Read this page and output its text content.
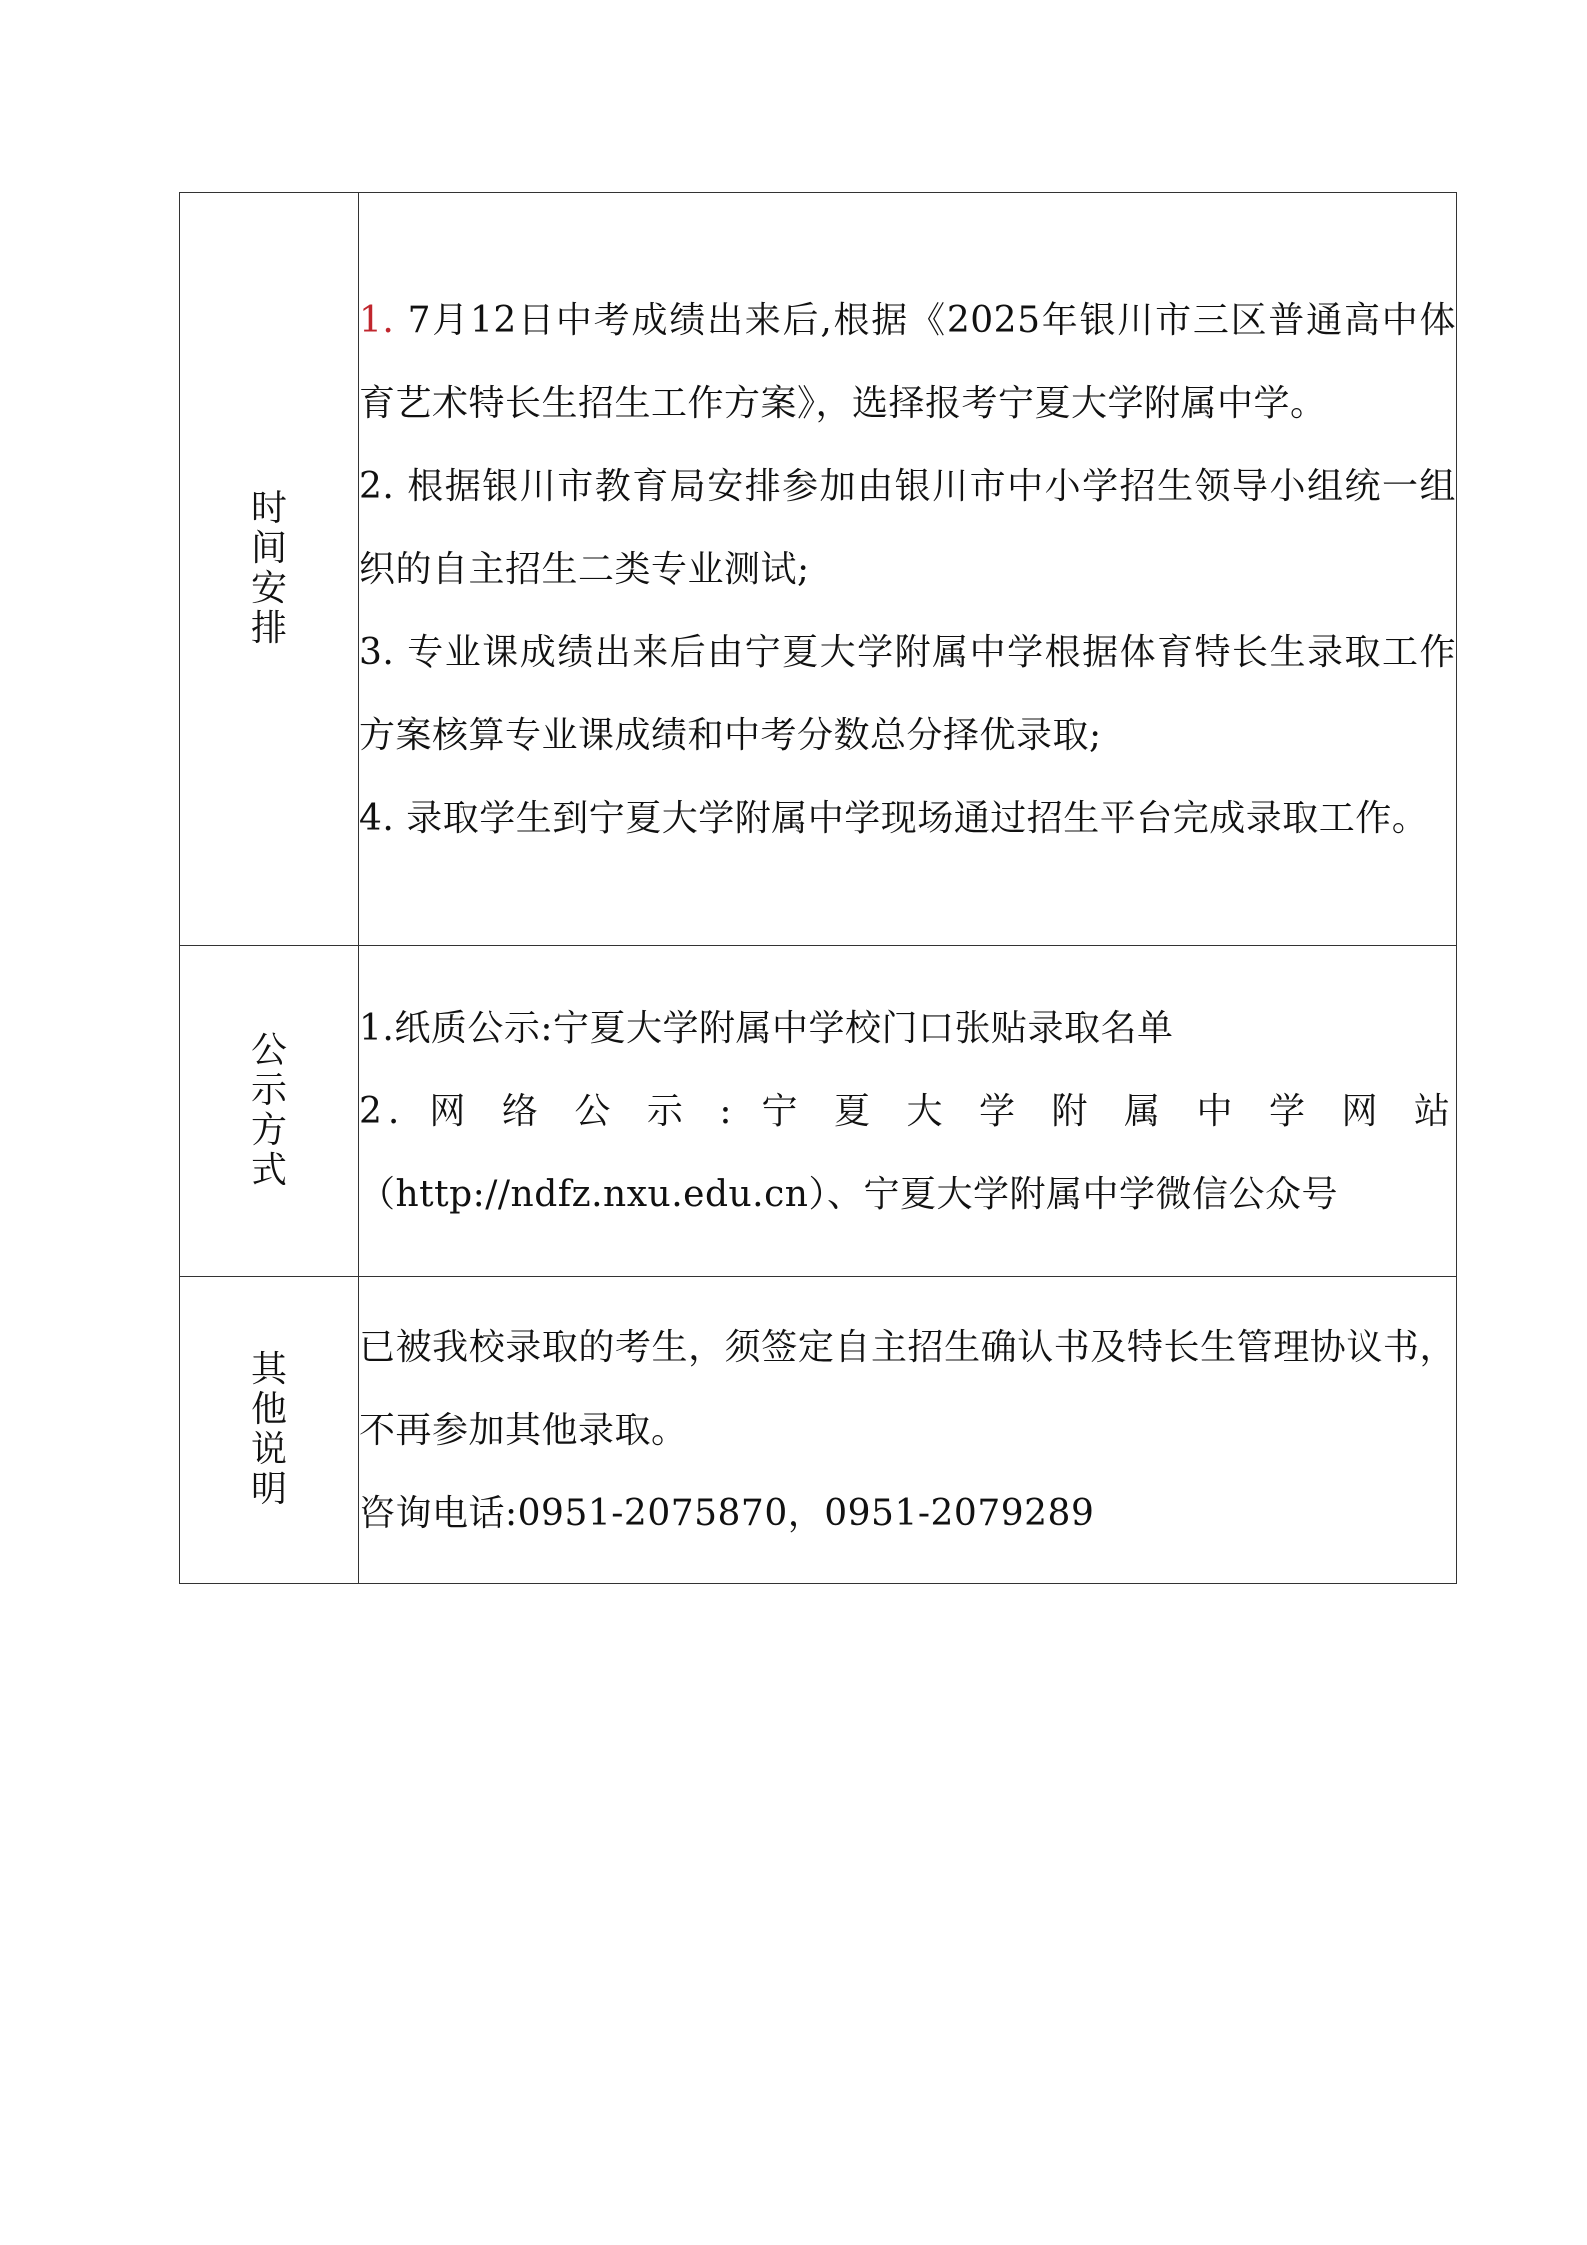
时间安排	1. 7月12日中考成绩出来后,根据《2025年银川市三区普通高中体育艺术特长生招生工作方案》，选择报考宁夏大学附属中学。

2. 根据银川市教育局安排参加由银川市中小学招生领导小组统一组织的自主招生二类专业测试;

3. 专业课成绩出来后由宁夏大学附属中学根据体育特长生录取工作方案核算专业课成绩和中考分数总分择优录取;

4. 录取学生到宁夏大学附属中学现场通过招生平台完成录取工作。

公示方式	1.纸质公示:宁夏大学附属中学校门口张贴录取名单

2. 网 络 公 示 : 宁 夏 大 学 附 属 中 学 网 站

（http://ndfz.nxu.edu.cn）、宁夏大学附属中学微信公众号

其他说明	已被我校录取的考生，须签定自主招生确认书及特长生管理协议书，不再参加其他录取。

咨询电话:0951-2075870，0951-2079289
